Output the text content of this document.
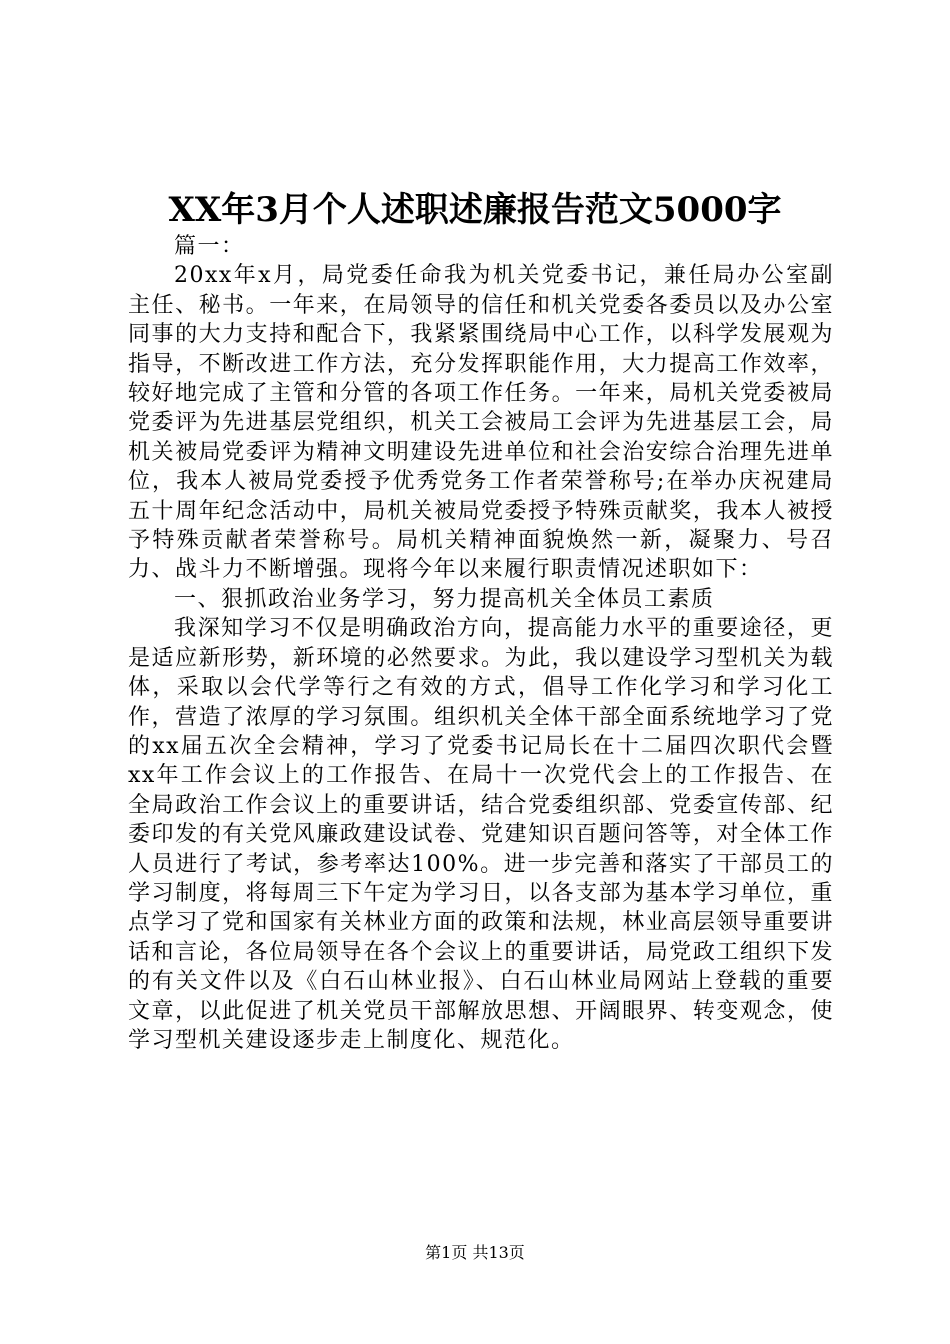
XX年3月个人述职述廉报告范文5000字

篇一：

20xx年x月，局党委任命我为机关党委书记，兼任局办公室副主任、秘书。一年来，在局领导的信任和机关党委各委员以及办公室同事的大力支持和配合下，我紧紧围绕局中心工作，以科学发展观为指导，不断改进工作方法，充分发挥职能作用，大力提高工作效率，较好地完成了主管和分管的各项工作任务。一年来，局机关党委被局党委评为先进基层党组织，机关工会被局工会评为先进基层工会，局机关被局党委评为精神文明建设先进单位和社会治安综合治理先进单位，我本人被局党委授予优秀党务工作者荣誉称号;在举办庆祝建局五十周年纪念活动中，局机关被局党委授予特殊贡献奖，我本人被授予特殊贡献者荣誉称号。局机关精神面貌焕然一新，凝聚力、号召力、战斗力不断增强。现将今年以来履行职责情况述职如下：

一、狠抓政治业务学习，努力提高机关全体员工素质

我深知学习不仅是明确政治方向，提高能力水平的重要途径，更是适应新形势，新环境的必然要求。为此，我以建设学习型机关为载体，采取以会代学等行之有效的方式，倡导工作化学习和学习化工作，营造了浓厚的学习氛围。组织机关全体干部全面系统地学习了党的xx届五次全会精神，学习了党委书记局长在十二届四次职代会暨xx年工作会议上的工作报告、在局十一次党代会上的工作报告、在全局政治工作会议上的重要讲话，结合党委组织部、党委宣传部、纪委印发的有关党风廉政建设试卷、党建知识百题问答等，对全体工作人员进行了考试，参考率达100%。进一步完善和落实了干部员工的学习制度，将每周三下午定为学习日，以各支部为基本学习单位，重点学习了党和国家有关林业方面的政策和法规，林业高层领导重要讲话和言论，各位局领导在各个会议上的重要讲话，局党政工组织下发的有关文件以及《白石山林业报》、白石山林业局网站上登载的重要文章，以此促进了机关党员干部解放思想、开阔眼界、转变观念，使学习型机关建设逐步走上制度化、规范化。

第1页 共13页
